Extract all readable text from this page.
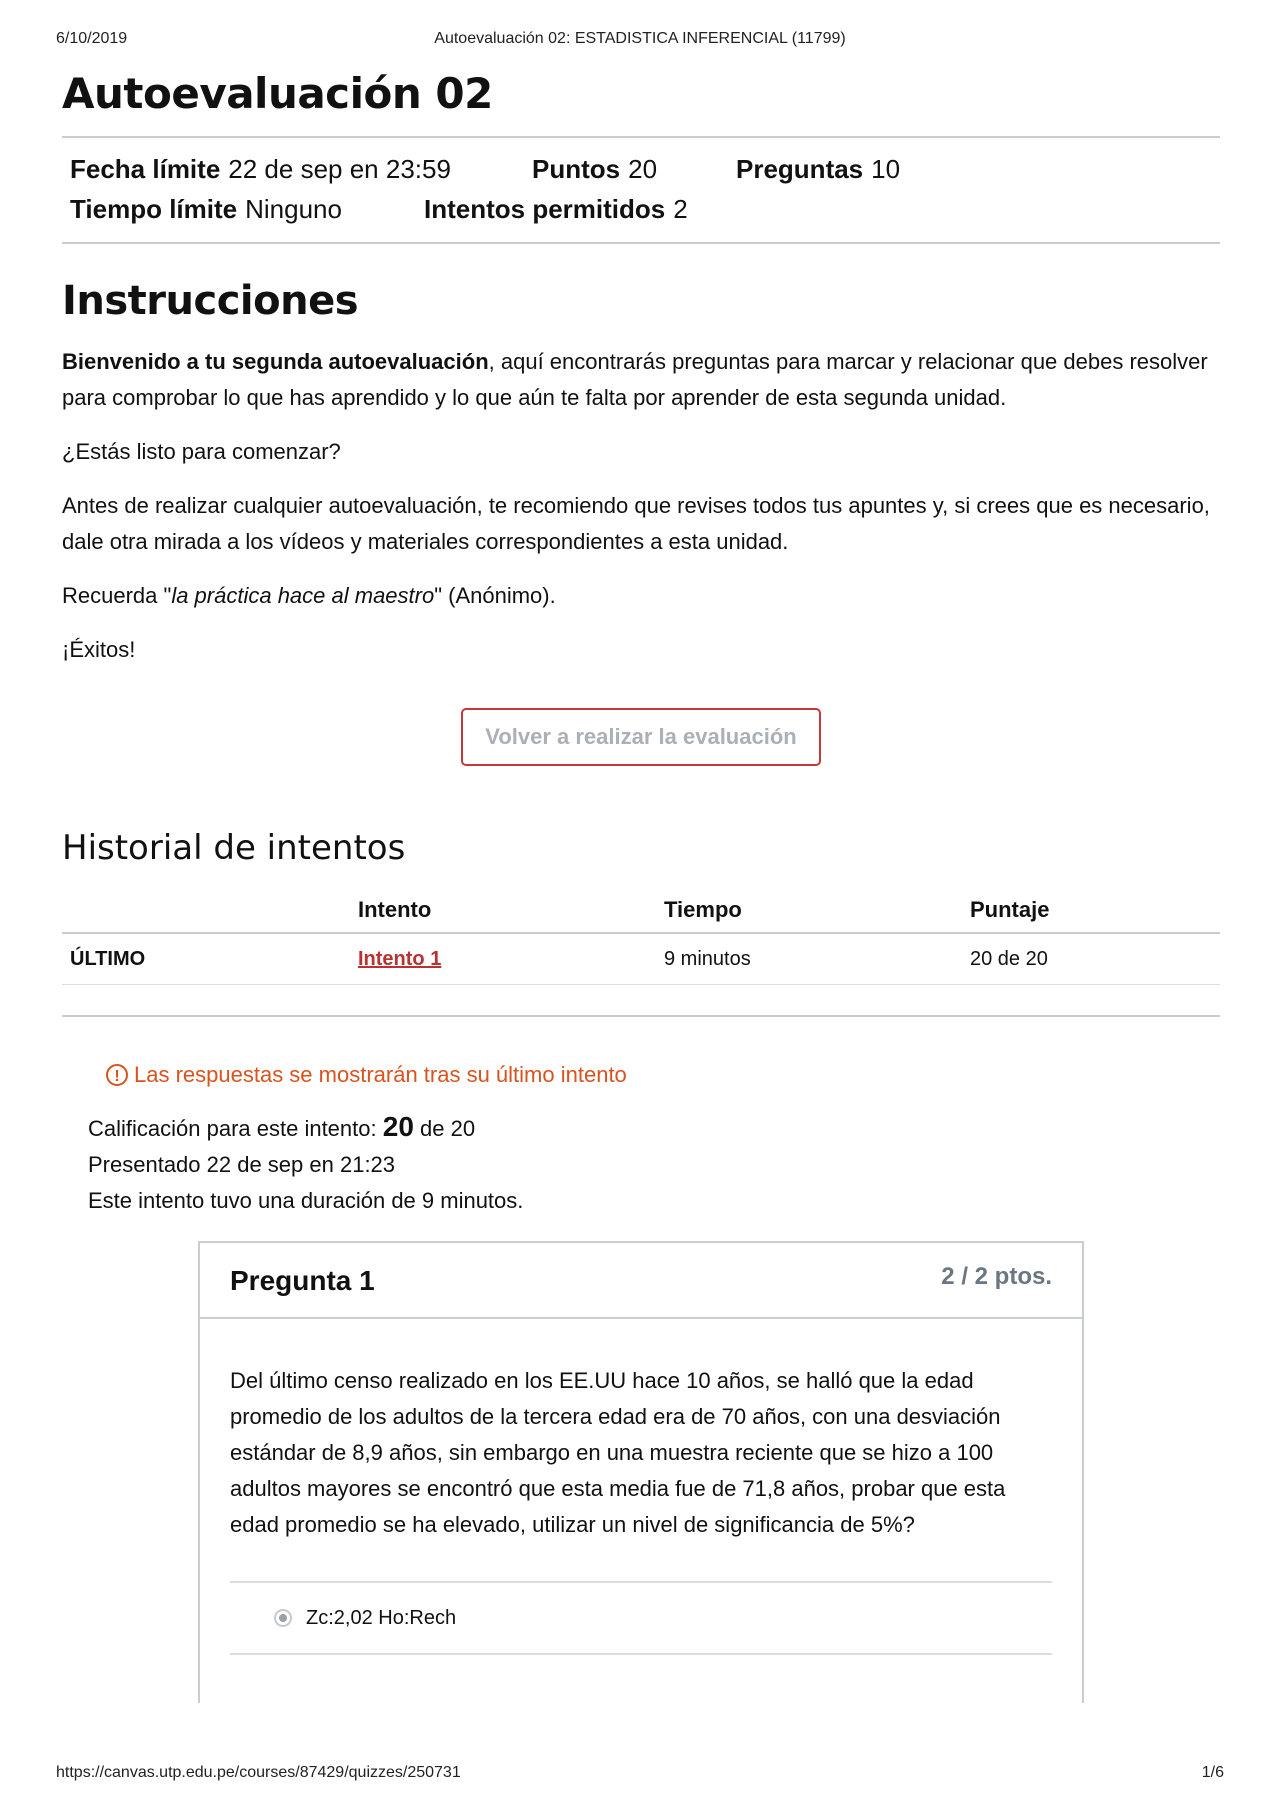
6/10/2019	Autoevaluación 02: ESTADISTICA INFERENCIAL (11799)
Autoevaluación 02
Fecha límite 22 de sep en 23:59	Puntos 20	Preguntas 10
Tiempo límite Ninguno	Intentos permitidos 2
Instrucciones

Bienvenido a tu segunda autoevaluación, aquí encontrarás preguntas para marcar y relacionar que debes resolver para comprobar lo que has aprendido y lo que aún te falta por aprender de esta segunda unidad.

¿Estás listo para comenzar?

Antes de realizar cualquier autoevaluación, te recomiendo que revises todos tus apuntes y, si crees que es necesario, dale otra mirada a los vídeos y materiales correspondientes a esta unidad.

Recuerda "la práctica hace al maestro" (Anónimo).

¡Éxitos!

Volver a realizar la evaluación
Historial de intentos
	Intento	Tiempo	Puntaje
ÚLTIMO	Intento 1	9 minutos	20 de 20
! Las respuestas se mostrarán tras su último intento
Calificación para este intento: 20 de 20
Presentado 22 de sep en 21:23
Este intento tuvo una duración de 9 minutos.
Pregunta 1	2 / 2 ptos.
Del último censo realizado en los EE.UU hace 10 años, se halló que la edad promedio de los adultos de la tercera edad era de 70 años, con una desviación estándar de 8,9 años, sin embargo en una muestra reciente que se hizo a 100 adultos mayores se encontró que esta media fue de 71,8 años, probar que esta edad promedio se ha elevado, utilizar un nivel de significancia de 5%?
Zc:2,02 Ho:Rech
https://canvas.utp.edu.pe/courses/87429/quizzes/250731	1/6
